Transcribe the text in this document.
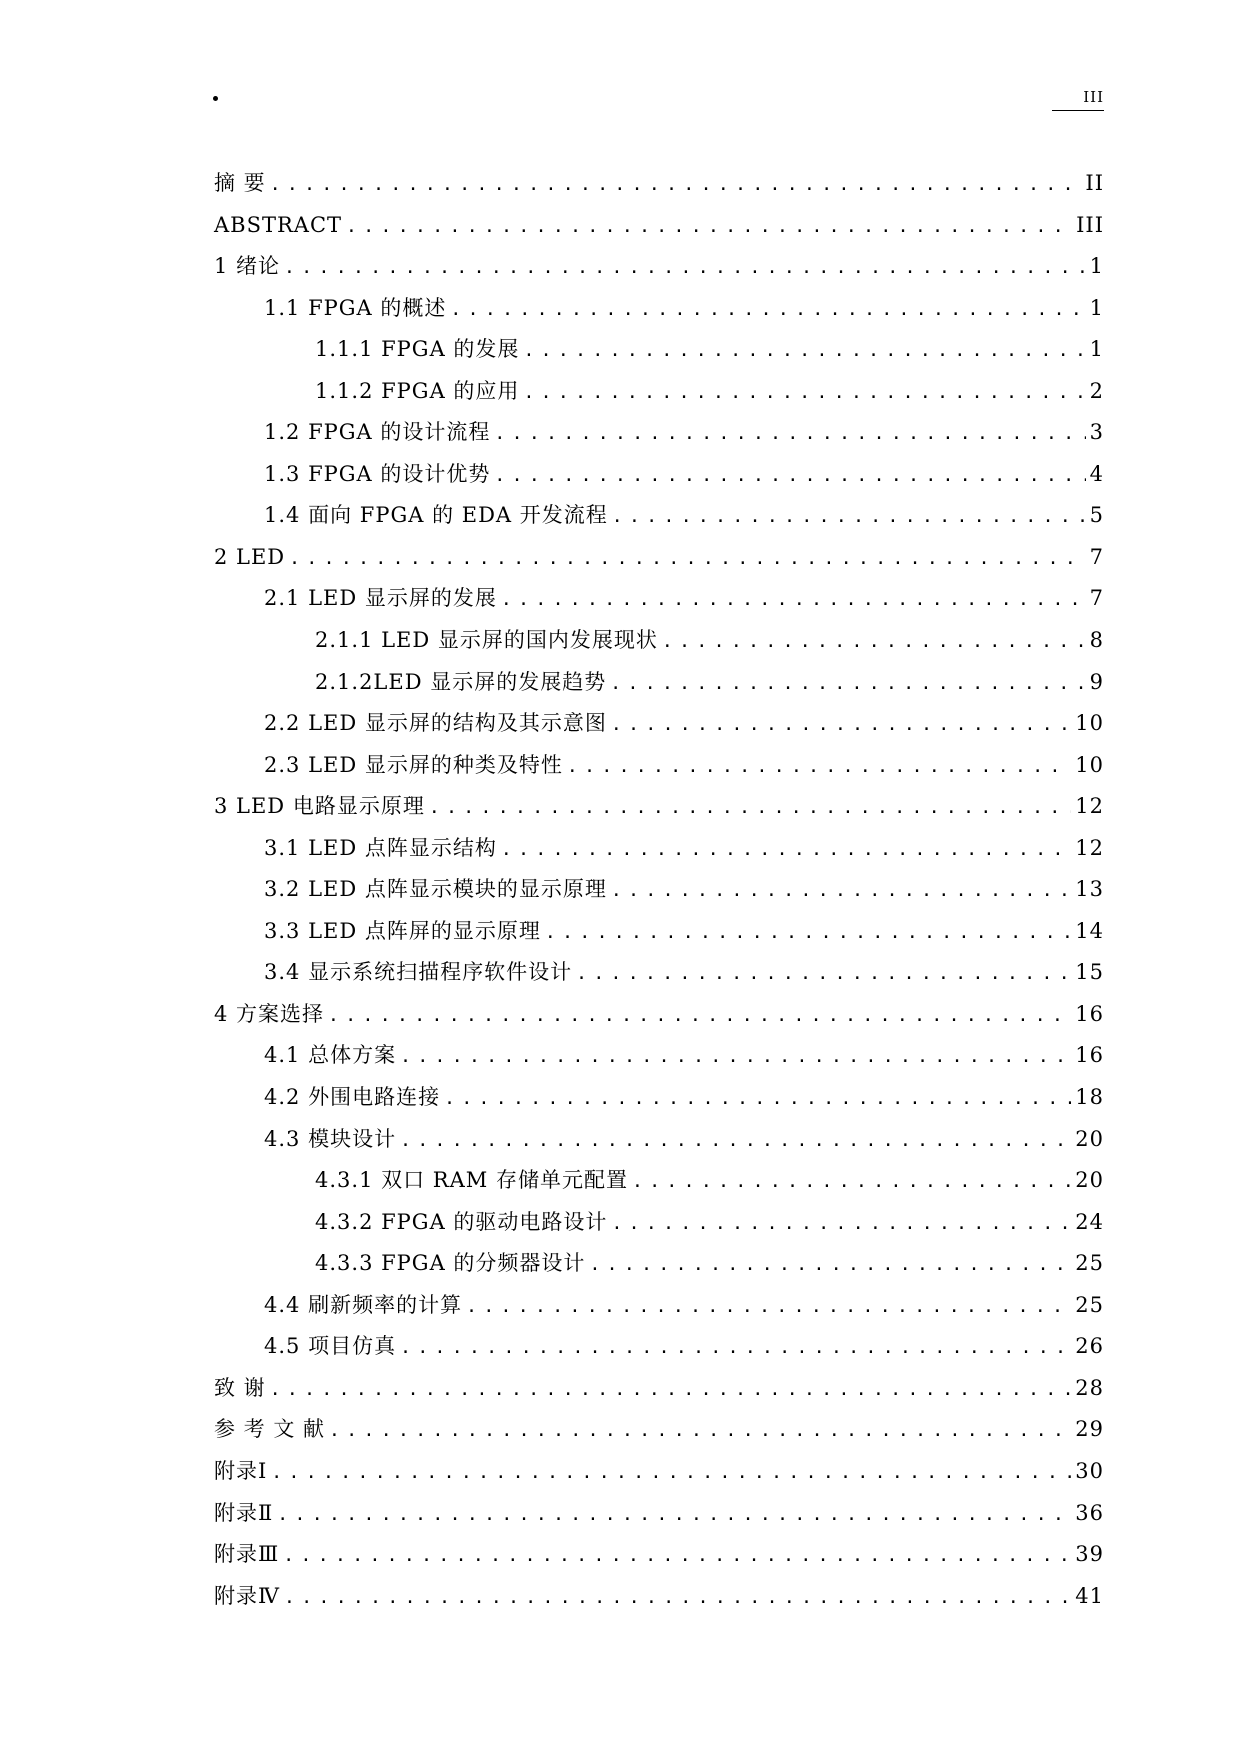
III
摘 要 .....	II
ABSTRACT .....	III
1 绪论 .....	1
1.1 FPGA 的概述 .....	1
1.1.1 FPGA 的发展 .....	1
1.1.2 FPGA 的应用 .....	2
1.2 FPGA 的设计流程 .....	3
1.3 FPGA 的设计优势 .....	4
1.4 面向 FPGA 的 EDA 开发流程 .....	5
2 LED .....	7
2.1 LED 显示屏的发展 .....	7
2.1.1 LED 显示屏的国内发展现状 .....	8
2.1.2LED 显示屏的发展趋势 .....	9
2.2 LED 显示屏的结构及其示意图 .....	10
2.3 LED 显示屏的种类及特性 .....	10
3 LED 电路显示原理 .....	12
3.1 LED 点阵显示结构 .....	12
3.2 LED 点阵显示模块的显示原理 .....	13
3.3 LED 点阵屏的显示原理 .....	14
3.4 显示系统扫描程序软件设计 .....	15
4 方案选择 .....	16
4.1 总体方案 .....	16
4.2 外围电路连接 .....	18
4.3 模块设计 .....	20
4.3.1 双口 RAM 存储单元配置 .....	20
4.3.2 FPGA 的驱动电路设计 .....	24
4.3.3 FPGA 的分频器设计 .....	25
4.4 刷新频率的计算 .....	25
4.5 项目仿真 .....	26
致 谢 .....	28
参 考 文 献 .....	29
附录Ⅰ .....	30
附录Ⅱ .....	36
附录Ⅲ .....	39
附录Ⅳ .....	41
